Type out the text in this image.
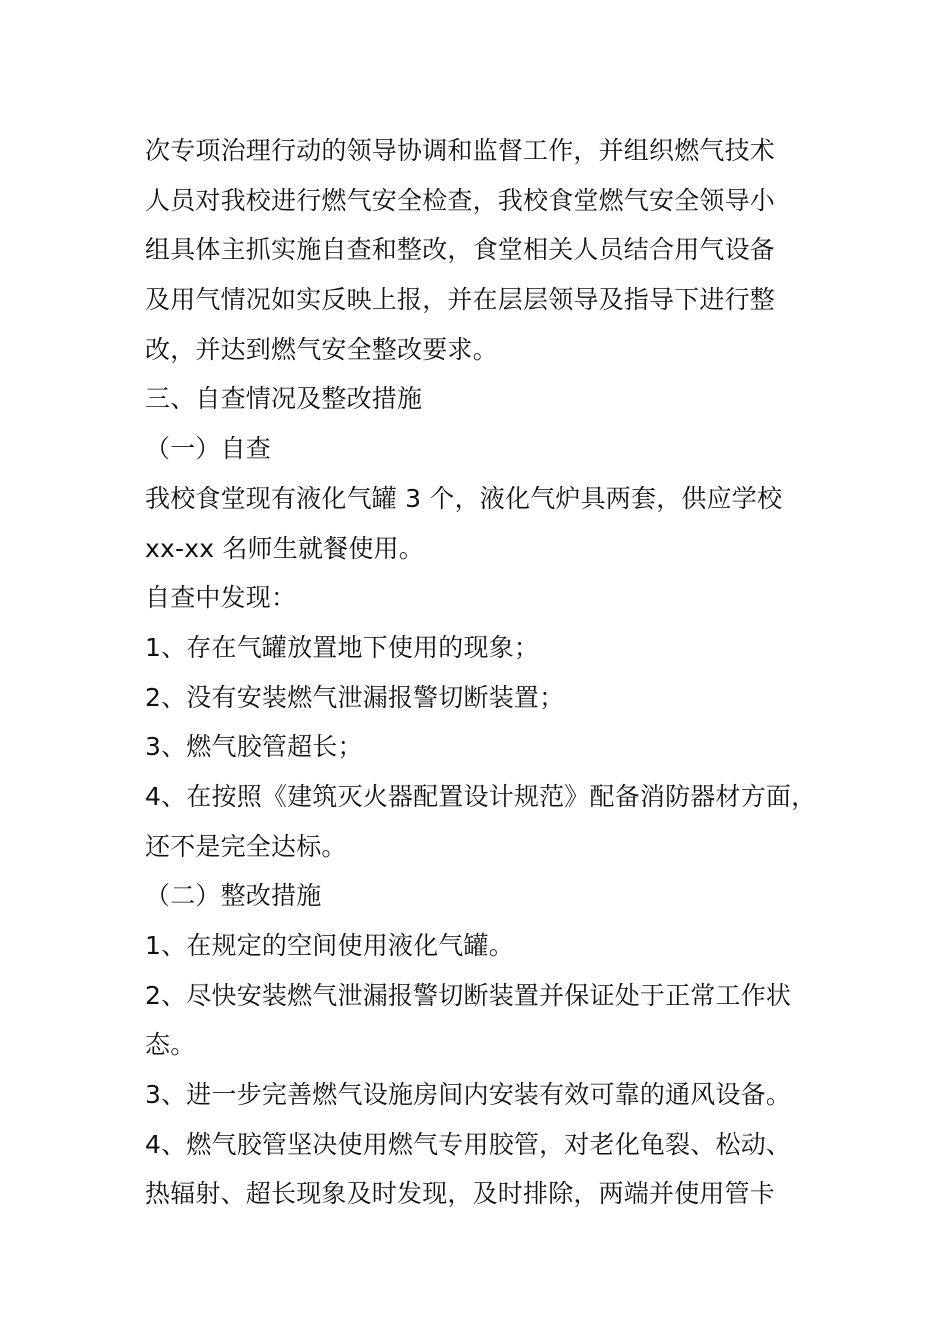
次专项治理行动的领导协调和监督工作，并组织燃气技术
人员对我校进行燃气安全检查，我校食堂燃气安全领导小
组具体主抓实施自查和整改，食堂相关人员结合用气设备
及用气情况如实反映上报，并在层层领导及指导下进行整
改，并达到燃气安全整改要求。
三、自查情况及整改措施
（一）自查
我校食堂现有液化气罐 3 个，液化气炉具两套，供应学校
xx-xx 名师生就餐使用。
自查中发现：
1、存在气罐放置地下使用的现象；
2、没有安装燃气泄漏报警切断装置；
3、燃气胶管超长；
4、在按照《建筑灭火器配置设计规范》配备消防器材方面，
还不是完全达标。
（二）整改措施
1、在规定的空间使用液化气罐。
2、尽快安装燃气泄漏报警切断装置并保证处于正常工作状
态。
3、进一步完善燃气设施房间内安装有效可靠的通风设备。
4、燃气胶管坚决使用燃气专用胶管，对老化龟裂、松动、
热辐射、超长现象及时发现，及时排除，两端并使用管卡
